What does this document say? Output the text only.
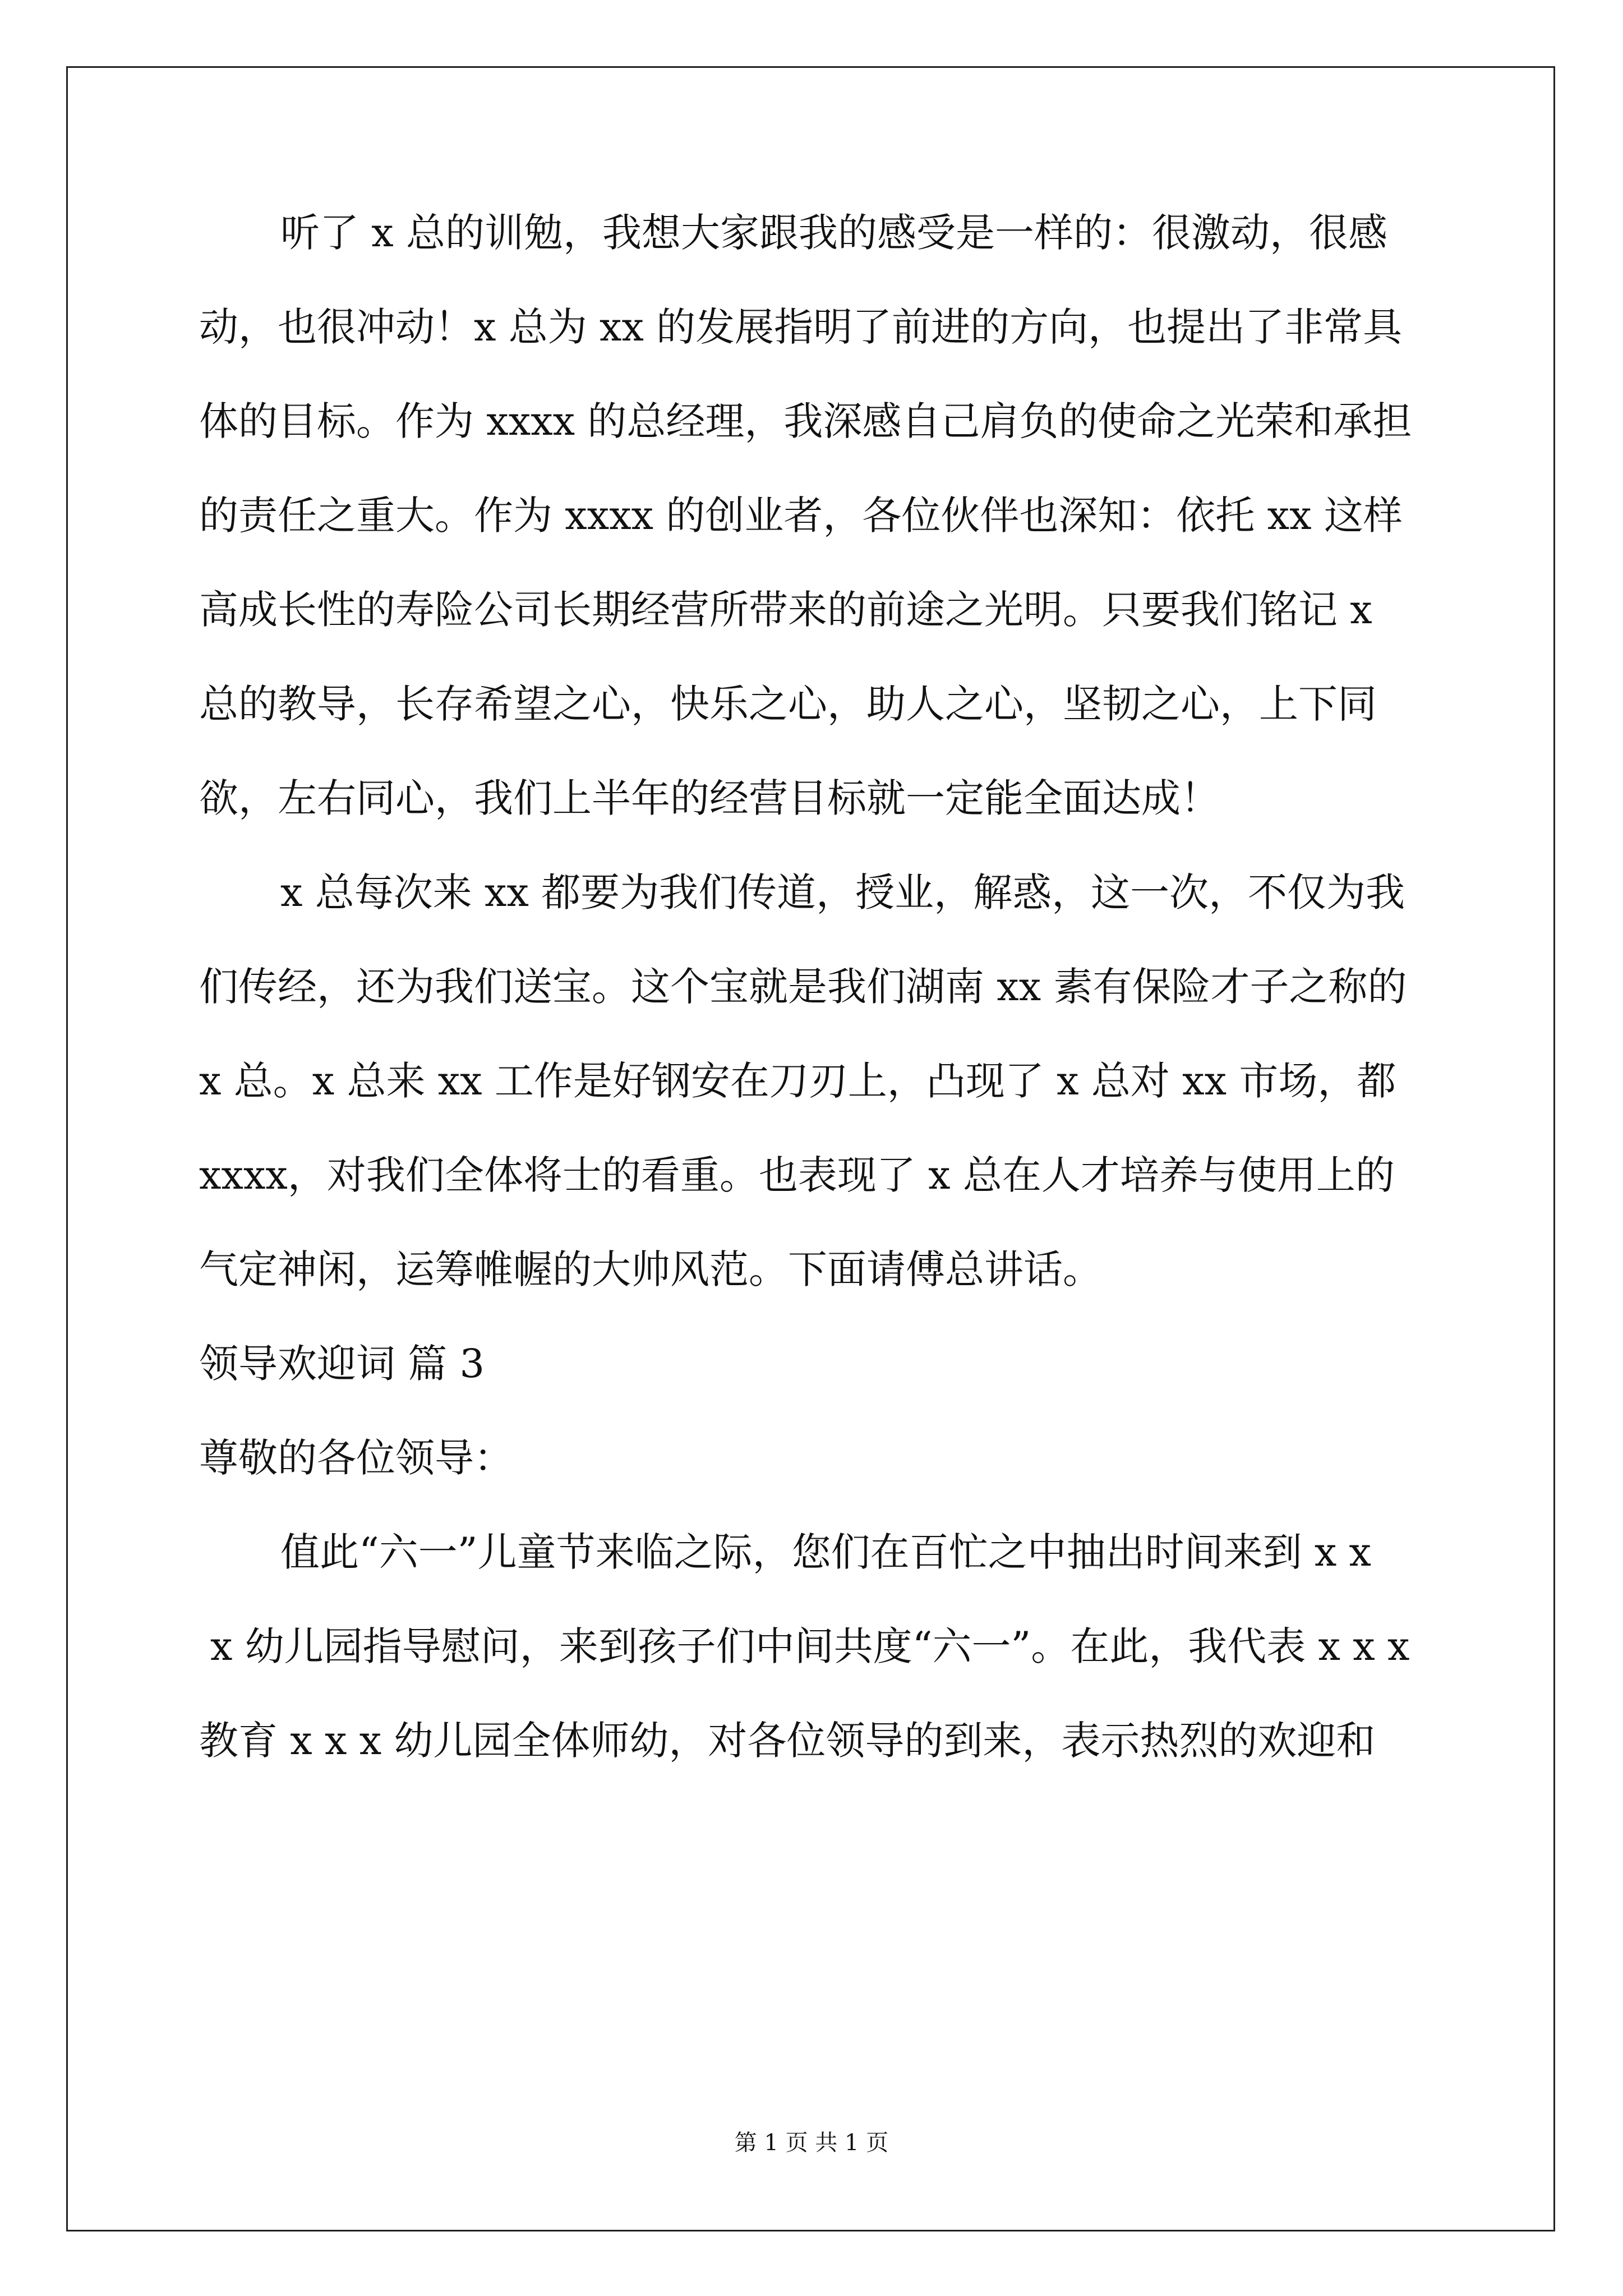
听了 x 总的训勉，我想大家跟我的感受是一样的：很激动，很感
动，也很冲动！x 总为 xx 的发展指明了前进的方向，也提出了非常具
体的目标。作为 xxxx 的总经理，我深感自己肩负的使命之光荣和承担
的责任之重大。作为 xxxx 的创业者，各位伙伴也深知：依托 xx 这样
高成长性的寿险公司长期经营所带来的前途之光明。只要我们铭记 x
总的教导，长存希望之心，快乐之心，助人之心，坚韧之心，上下同
欲，左右同心，我们上半年的经营目标就一定能全面达成！
x 总每次来 xx 都要为我们传道，授业，解惑，这一次，不仅为我
们传经，还为我们送宝。这个宝就是我们湖南 xx 素有保险才子之称的
x 总。x 总来 xx 工作是好钢安在刀刃上，凸现了 x 总对 xx 市场，都
xxxx，对我们全体将士的看重。也表现了 x 总在人才培养与使用上的
气定神闲，运筹帷幄的大帅风范。下面请傅总讲话。
领导欢迎词 篇 3
尊敬的各位领导：
值此“六一”儿童节来临之际，您们在百忙之中抽出时间来到 x x
x 幼儿园指导慰问，来到孩子们中间共度“六一”。在此，我代表 x x x
教育 x x x 幼儿园全体师幼，对各位领导的到来，表示热烈的欢迎和
第 1 页 共 1 页
